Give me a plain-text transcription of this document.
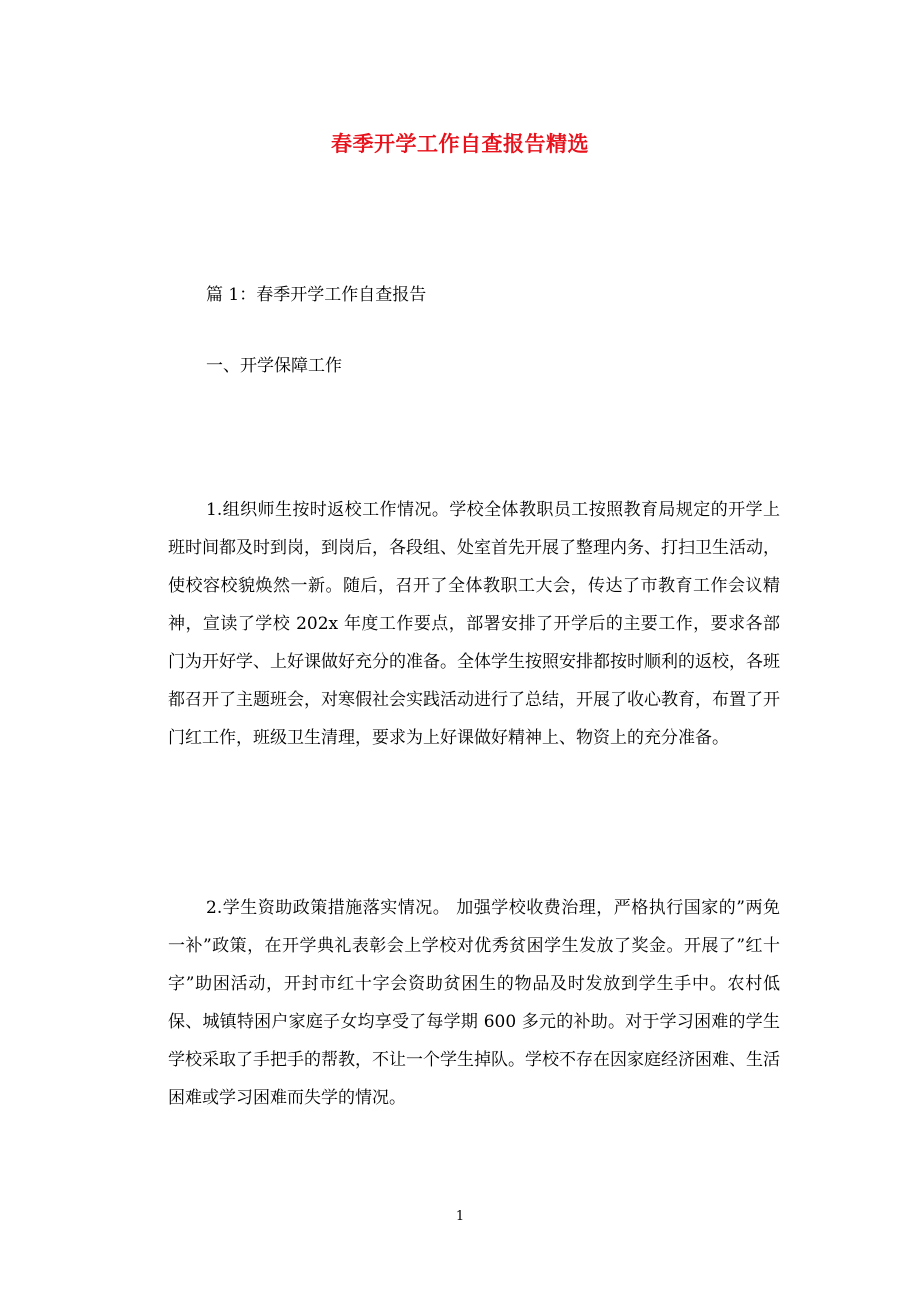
春季开学工作自查报告精选
篇 1：春季开学工作自查报告
一、开学保障工作

1.组织师生按时返校工作情况。学校全体教职员工按照教育局规定的开学上班时间都及时到岗，到岗后，各段组、处室首先开展了整理内务、打扫卫生活动，使校容校貌焕然一新。随后，召开了全体教职工大会，传达了市教育工作会议精神，宣读了学校 202x 年度工作要点，部署安排了开学后的主要工作，要求各部门为开好学、上好课做好充分的准备。全体学生按照安排都按时顺利的返校，各班都召开了主题班会，对寒假社会实践活动进行了总结，开展了收心教育，布置了开门红工作，班级卫生清理，要求为上好课做好精神上、物资上的充分准备。

2.学生资助政策措施落实情况。 加强学校收费治理，严格执行国家的”两免一补”政策，在开学典礼表彰会上学校对优秀贫困学生发放了奖金。开展了”红十字”助困活动，开封市红十字会资助贫困生的物品及时发放到学生手中。农村低保、城镇特困户家庭子女均享受了每学期 600 多元的补助。对于学习困难的学生学校采取了手把手的帮教，不让一个学生掉队。学校不存在因家庭经济困难、生活困难或学习困难而失学的情况。

1
